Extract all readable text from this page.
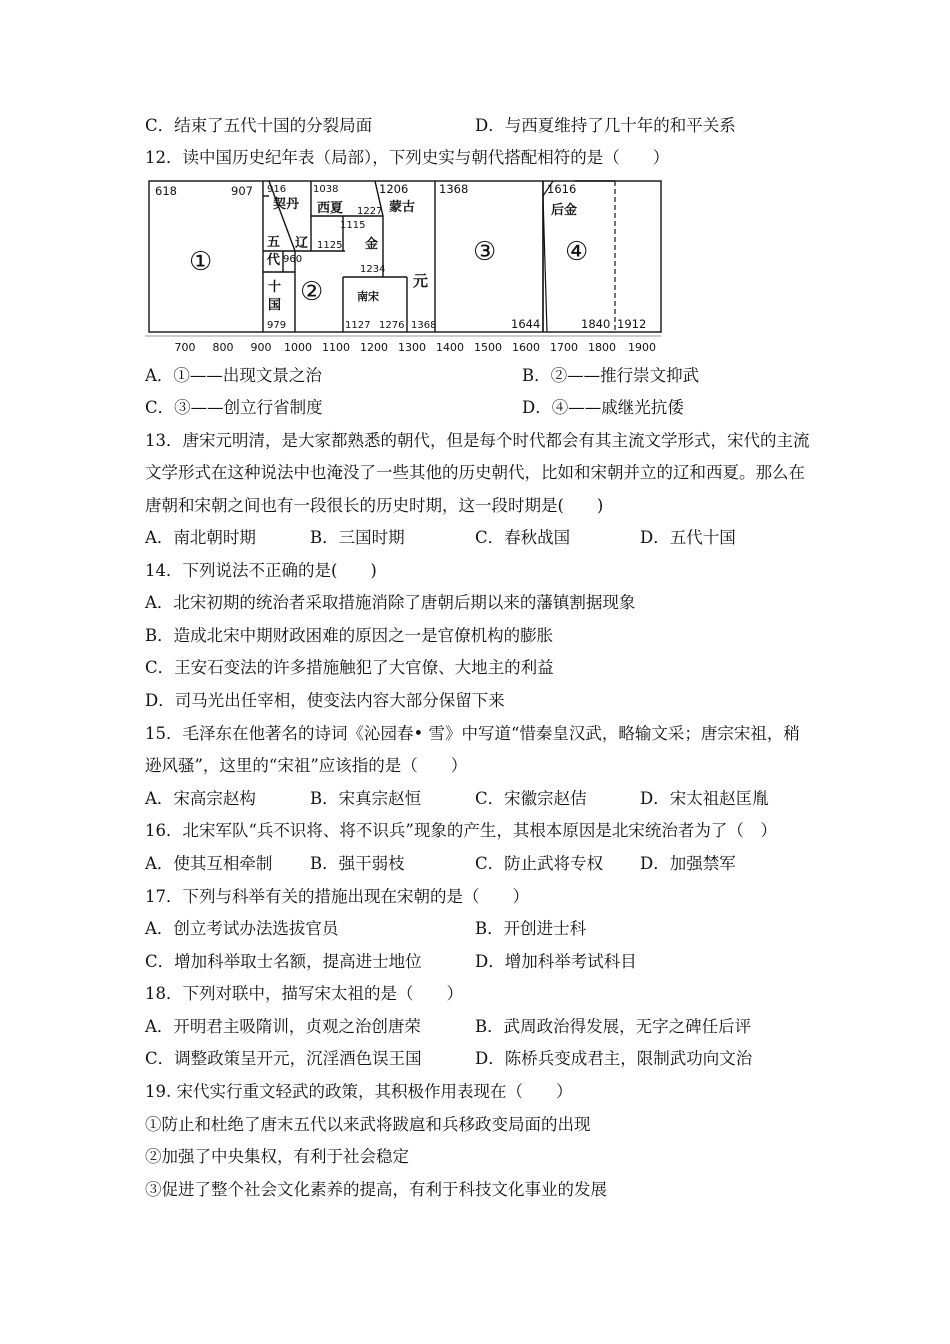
C．结束了五代十国的分裂局面	D．与西夏维持了几十年的和平关系
12．读中国历史纪年表（局部），下列史实与朝代搭配相符的是（　　）
618	907 916	1038	1206	1368	1616
1227
1115
1125
1234
960
979	1127 1276 1368	1644	1840 1912
契丹 西夏	蒙古	后金
辽	金
五
代
十
国
南宋
元
①
②
③	④
700 800 900 1000 1100 1200 1300 1400 1500 1600 1700 1800 1900
A．①——出现文景之治	B．②——推行崇文抑武
C．③——创立行省制度	D．④——戚继光抗倭
13．唐宋元明清，是大家都熟悉的朝代，但是每个时代都会有其主流文学形式，宋代的主流
文学形式在这种说法中也淹没了一些其他的历史朝代，比如和宋朝并立的辽和西夏。那么在
唐朝和宋朝之间也有一段很长的历史时期，这一段时期是(　　)
A．南北朝时期	B．三国时期	C．春秋战国	D．五代十国
14．下列说法不正确的是(　　)
A．北宋初期的统治者采取措施消除了唐朝后期以来的藩镇割据现象
B．造成北宋中期财政困难的原因之一是官僚机构的膨胀
C．王安石变法的许多措施触犯了大官僚、大地主的利益
D．司马光出任宰相，使变法内容大部分保留下来
15．毛泽东在他著名的诗词《沁园春• 雪》中写道“惜秦皇汉武，略输文采；唐宗宋祖，稍
逊风骚”，这里的“宋祖”应该指的是（　　）
A．宋高宗赵构	B．宋真宗赵恒	C．宋徽宗赵佶	D．宋太祖赵匡胤
16．北宋军队“兵不识将、将不识兵”现象的产生，其根本原因是北宋统治者为了（　）
A．使其互相牵制 B．强干弱枝	C．防止武将专权 D．加强禁军
17．下列与科举有关的措施出现在宋朝的是（　　）
A．创立考试办法选拔官员	B．开创进士科
C．增加科举取士名额，提高进士地位	D．增加科举考试科目
18．下列对联中，描写宋太祖的是（　　）
A．开明君主吸隋训，贞观之治创唐荣	B．武周政治得发展，无字之碑任后评
C．调整政策呈开元，沉淫酒色误王国	D．陈桥兵变成君主，限制武功向文治
19. 宋代实行重文轻武的政策，其积极作用表现在（　　）
①防止和杜绝了唐末五代以来武将跋扈和兵移政变局面的出现
②加强了中央集权，有利于社会稳定
③促进了整个社会文化素养的提高，有利于科技文化事业的发展
